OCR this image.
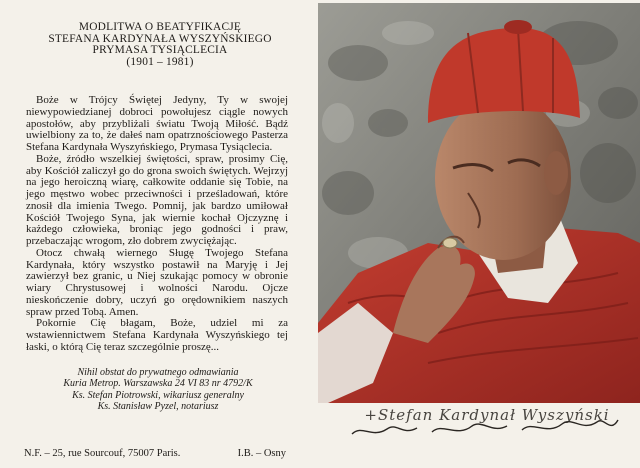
MODLITWA O BEATYFIKACJĘ
STEFANA KARDYNAŁA WYSZYŃSKIEGO
PRYMASA TYSIĄCLECIA
(1901 – 1981)

Boże w Trójcy Świętej Jedyny, Ty w swojej niewypowiedzianej dobroci powołujesz ciągle nowych apostołów, aby przybliżali światu Twoją Miłość. Bądź uwielbiony za to, że dałeś nam opatrznościowego Pasterza Stefana Kardynała Wyszyńskiego, Prymasa Tysiąclecia.

Boże, źródło wszelkiej świętości, spraw, prosimy Cię, aby Kościół zaliczył go do grona swoich świętych. Wejrzyj na jego heroiczną wiarę, całkowite oddanie się Tobie, na jego męstwo wobec przeciwności i prześladowań, które znosił dla imienia Twego. Pomnij, jak bardzo umiłował Kościół Twojego Syna, jak wiernie kochał Ojczyznę i każdego człowieka, broniąc jego godności i praw, przebaczając wrogom, zło dobrem zwyciężając.

Otocz chwałą wiernego Sługę Twojego Stefana Kardynała, który wszystko postawił na Maryję i Jej zawierzył bez granic, u Niej szukając pomocy w obronie wiary Chrystusowej i wolności Narodu. Ojcze nieskończenie dobry, uczyń go orędownikiem naszych spraw przed Tobą. Amen.

Pokornie Cię błagam, Boże, udziel mi za wstawiennictwem Stefana Kardynała Wyszyńskiego tej łaski, o którą Cię teraz szczególnie proszę...

Nihil obstat do prywatnego odmawiania
Kuria Metrop. Warszawska 24 VI 83 nr 4792/K
Ks. Stefan Piotrowski, wikariusz generalny
Ks. Stanisław Pyzel, notariusz
N.F. – 25, rue Sourcouf, 75007 Paris.	I.B. – Osny
+Stefan Kardynał Wyszyński
